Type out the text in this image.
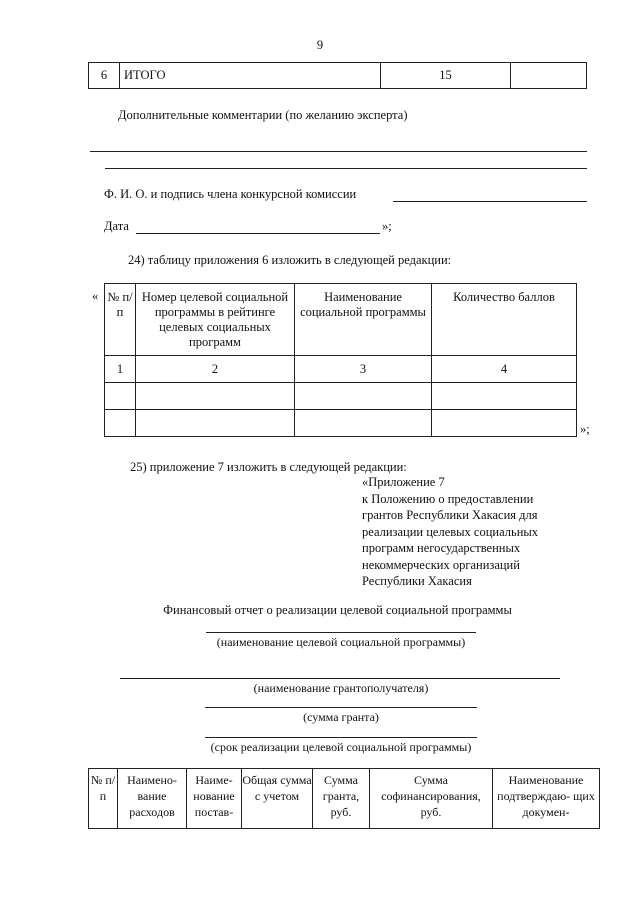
9
6	ИТОГО	15	
Дополнительные комментарии (по желанию эксперта)
Ф. И. О. и подпись члена конкурсной комиссии
Дата	»;
24) таблицу приложения 6 изложить в следующей редакции:
« № п/п	Номер целевой социальной программы в рейтинге целевых социальных программ	Наименование социальной программы	Количество баллов
1	2	3	4

»;
25) приложение 7 изложить в следующей редакции:
«Приложение 7
к Положению о предоставлении
грантов Республики Хакасия для
реализации целевых социальных
программ негосударственных
некоммерческих организаций
Республики Хакасия
Финансовый отчет о реализации целевой социальной программы
(наименование целевой социальной программы)
(наименование грантополучателя)
(сумма гранта)
(срок реализации целевой социальной программы)
№ п/п	Наимено- вание расходов	Наиме- нование постав-	Общая сумма с учетом	Сумма гранта, руб.	Сумма софинансирования, руб.	Наименование подтверждаю- щих докумен-
